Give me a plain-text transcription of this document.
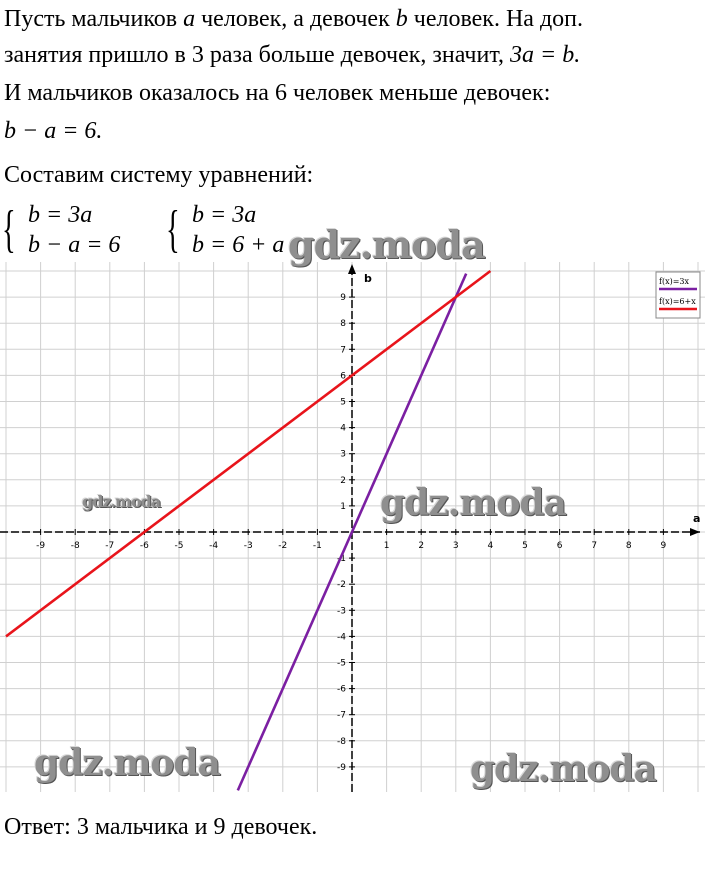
Пусть мальчиков a человек, а девочек b человек. На доп.
занятия пришло в 3 раза больше девочек, значит, 3a = b.
И мальчиков оказалось на 6 человек меньше девочек:
b − a = 6.
Составим систему уравнений:
{ b = 3a
b − a = 6 { b = 3a
b = 6 + a
a
b
-9	-8	-7	-6	-5	-4	-3	-2	-1	1	2	3	4	5	6	7	8	9
9
8
7
6
5
4
3
2
1
-1
-2
-3
-4
-5
-6
-7
-8
-9
f(x)=3x
f(x)=6+x
gdz.moda
gdz.moda	gdz.moda
gdz.moda	gdz.moda
Ответ: 3 мальчика и 9 девочек.
